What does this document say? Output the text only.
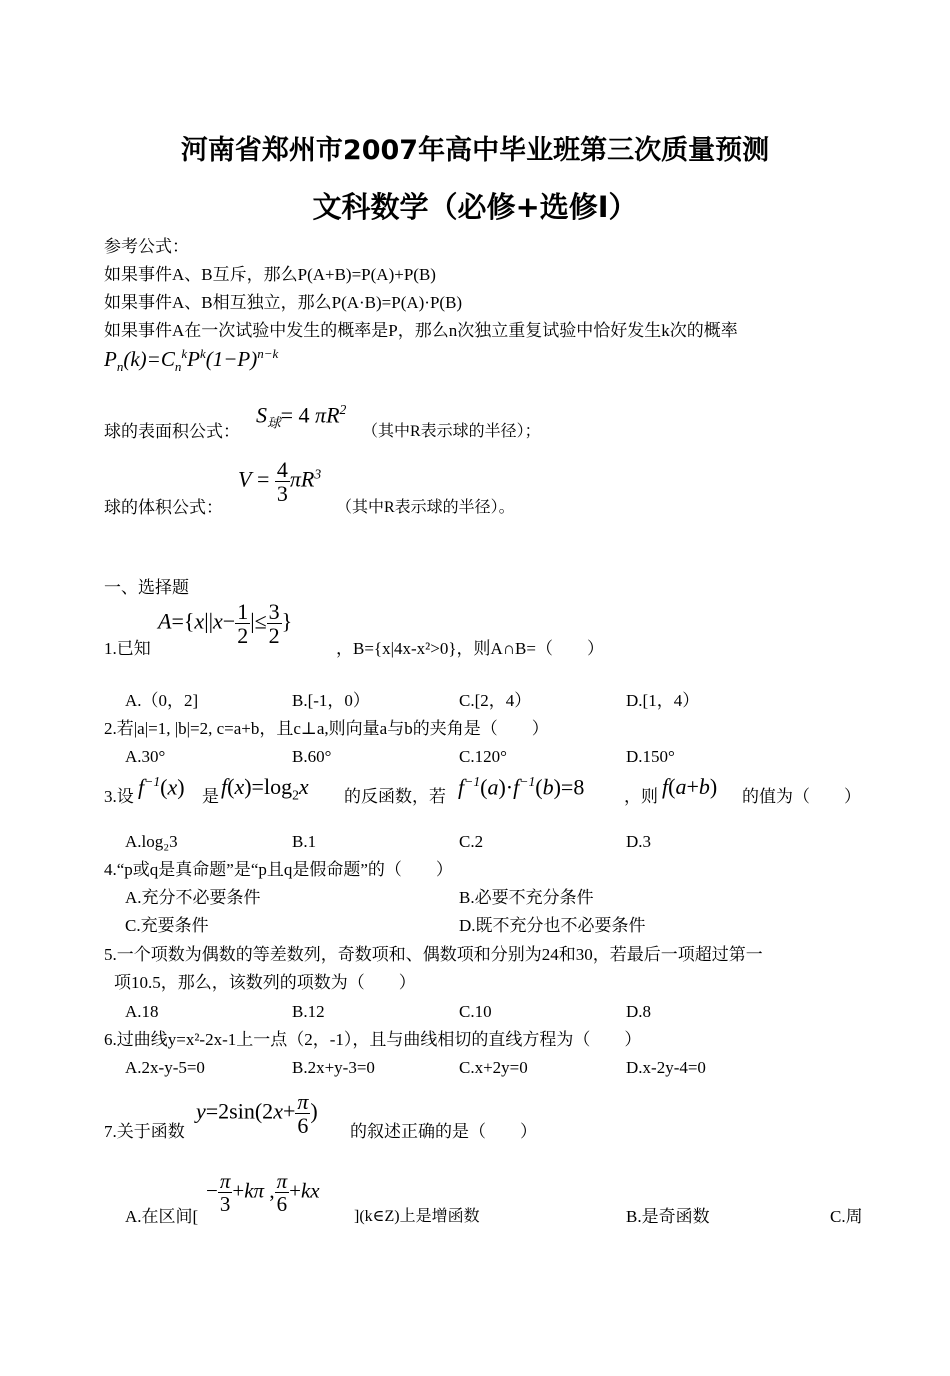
河南省郑州市2007年高中毕业班第三次质量预测
文科数学（必修+选修Ⅰ）
参考公式：
如果事件A、B互斥，那么P(A+B)=P(A)+P(B)
如果事件A、B相互独立，那么P(A·B)=P(A)·P(B)
如果事件A在一次试验中发生的概率是P，那么n次独立重复试验中恰好发生k次的概率
$P_n(k)=C_n^kP^k(1-P)^{n-k}$
球的表面积公式：
$S_球= 4$ $\pi R^2$
（其中R表示球的半径）；
球的体积公式：
$V = \frac{4}{3} \pi R^3$
（其中R表示球的半径）。
一、选择题
1.已知
$A=\{x||x- \frac{1}{2}$ |≤ $\frac{3}{2}$ }
，B={x|4x-x²>0}，则A∩B=（　　）
A.（0，2]	B.[-1，0）	C.[2，4）	D.[1，4）
2.若|a|=1, |b|=2, c=a+b，且c⊥a,则向量a与b的夹角是（　　）
A.30°	B.60°	C.120°	D.150°
3.设 $f^{-1}(x)$ 是 $f(x)=\log_2x$ 的反函数，若 $f^{-1}(a)\cdot f^{-1}(b)=8$ ，则 f(a+b) 的值为（　　）
A.log₂3	B.1	C.2	D.3
4.“p或q是真命题”是“p且q是假命题”的（　　）
A.充分不必要条件	B.必要不充分条件
C.充要条件	D.既不充分也不必要条件
5.一个项数为偶数的等差数列，奇数项和、偶数项和分别为24和30，若最后一项超过第一
项10.5，那么，该数列的项数为（　　）
A.18	B.12	C.10	D.8
6.过曲线y=x²-2x-1上一点（2，-1），且与曲线相切的直线方程为（　　）
A.2x-y-5=0	B.2x+y-3=0	C.x+2y=0	D.x-2y-4=0
7.关于函数
$y=2\sin(2x+ \frac{\pi}{6}$ )
的叙述正确的是（　　）
A.在区间[
− $\frac{\pi}{3} +k\pi$ , $\frac{\pi}{6} +kx$
](k∈Z)上是增函数	B.是奇函数	C.周
